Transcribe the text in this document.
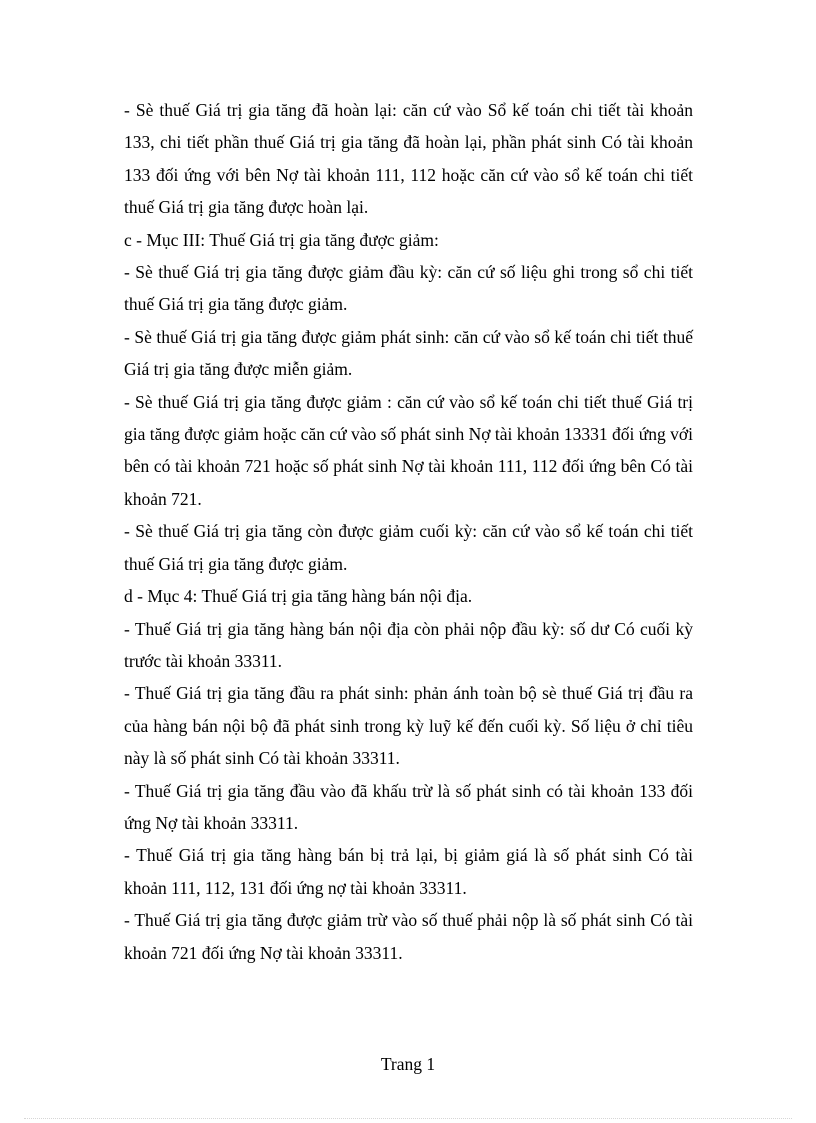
- Sè thuế Giá trị gia tăng đã hoàn lại: căn cứ vào Sổ kế toán chi tiết tài khoản 133, chi tiết phần thuế Giá trị gia tăng đã hoàn lại, phần phát sinh Có tài khoản 133 đối ứng với bên Nợ tài khoản 111, 112 hoặc căn cứ vào sổ kế toán chi tiết thuế Giá trị gia tăng được hoàn lại.

c - Mục III: Thuế Giá trị gia tăng được giảm:

- Sè thuế Giá trị gia tăng được giảm đầu kỳ: căn cứ số liệu ghi trong sổ chi tiết thuế Giá trị gia tăng được giảm.

- Sè thuế Giá trị gia tăng được giảm phát sinh: căn cứ vào sổ kế toán chi tiết thuế Giá trị gia tăng được miễn giảm.

- Sè thuế Giá trị gia tăng được giảm : căn cứ vào sổ kế toán chi tiết thuế Giá trị gia tăng được giảm hoặc căn cứ vào số phát sinh Nợ tài khoản 13331 đối ứng với bên có tài khoản 721 hoặc số phát sinh Nợ tài khoản 111, 112 đối ứng bên Có tài khoản 721.

- Sè thuế Giá trị gia tăng còn được giảm cuối kỳ: căn cứ vào sổ kế toán chi tiết thuế Giá trị gia tăng được giảm.

d - Mục 4: Thuế Giá trị gia tăng hàng bán nội địa.

- Thuế Giá trị gia tăng hàng bán nội địa còn phải nộp đầu kỳ: số dư Có cuối kỳ trước tài khoản 33311.

- Thuế Giá trị gia tăng đầu ra phát sinh: phản ánh toàn bộ sè thuế Giá trị đầu ra của hàng bán nội bộ đã phát sinh trong kỳ luỹ kế đến cuối kỳ. Số liệu ở chỉ tiêu này là số phát sinh Có tài khoản 33311.

- Thuế Giá trị gia tăng đầu vào đã khấu trừ là số phát sinh có tài khoản 133 đối ứng Nợ tài khoản 33311.

- Thuế Giá trị gia tăng hàng bán bị trả lại, bị giảm giá là số phát sinh Có tài khoản 111, 112, 131 đối ứng nợ tài khoản 33311.

- Thuế Giá trị gia tăng được giảm trừ vào số thuế phải nộp là số phát sinh Có tài khoản 721 đối ứng Nợ tài khoản 33311.

Trang 1
